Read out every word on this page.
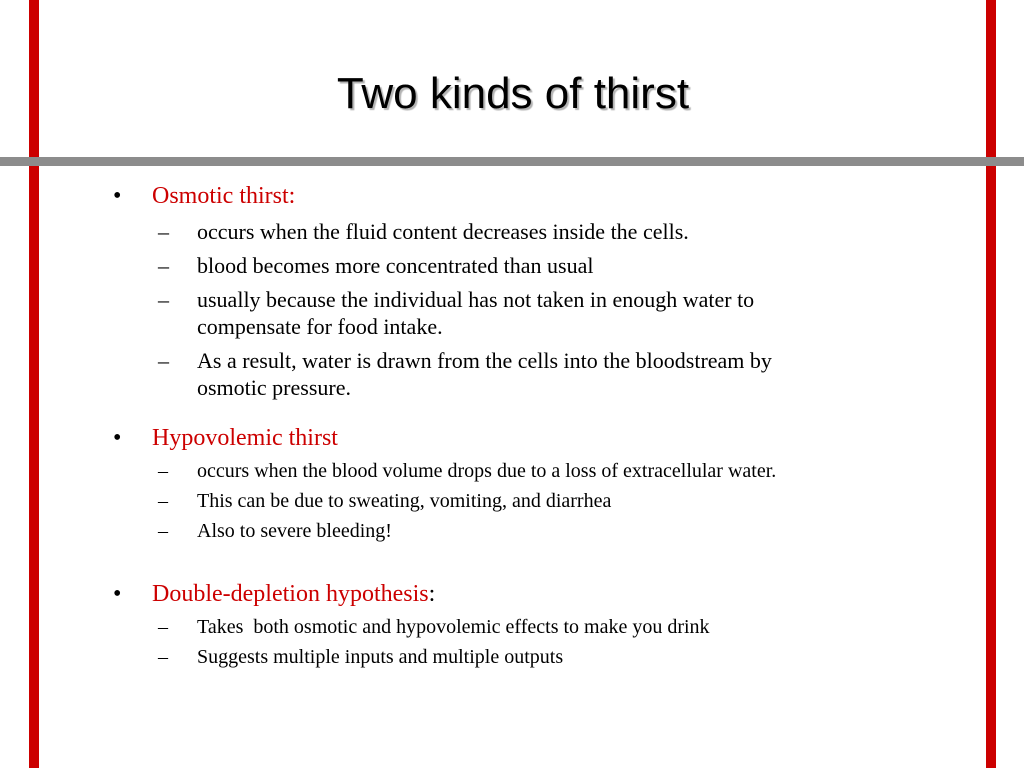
Two kinds of thirst
• Osmotic thirst:
– occurs when the fluid content decreases inside the cells.
– blood becomes more concentrated than usual
– usually because the individual has not taken in enough water to
compensate for food intake.
– As a result, water is drawn from the cells into the bloodstream by
osmotic pressure.
• Hypovolemic thirst
– occurs when the blood volume drops due to a loss of extracellular water.
– This can be due to sweating, vomiting, and diarrhea
– Also to severe bleeding!
• Double-depletion hypothesis:
– Takes  both osmotic and hypovolemic effects to make you drink
– Suggests multiple inputs and multiple outputs
